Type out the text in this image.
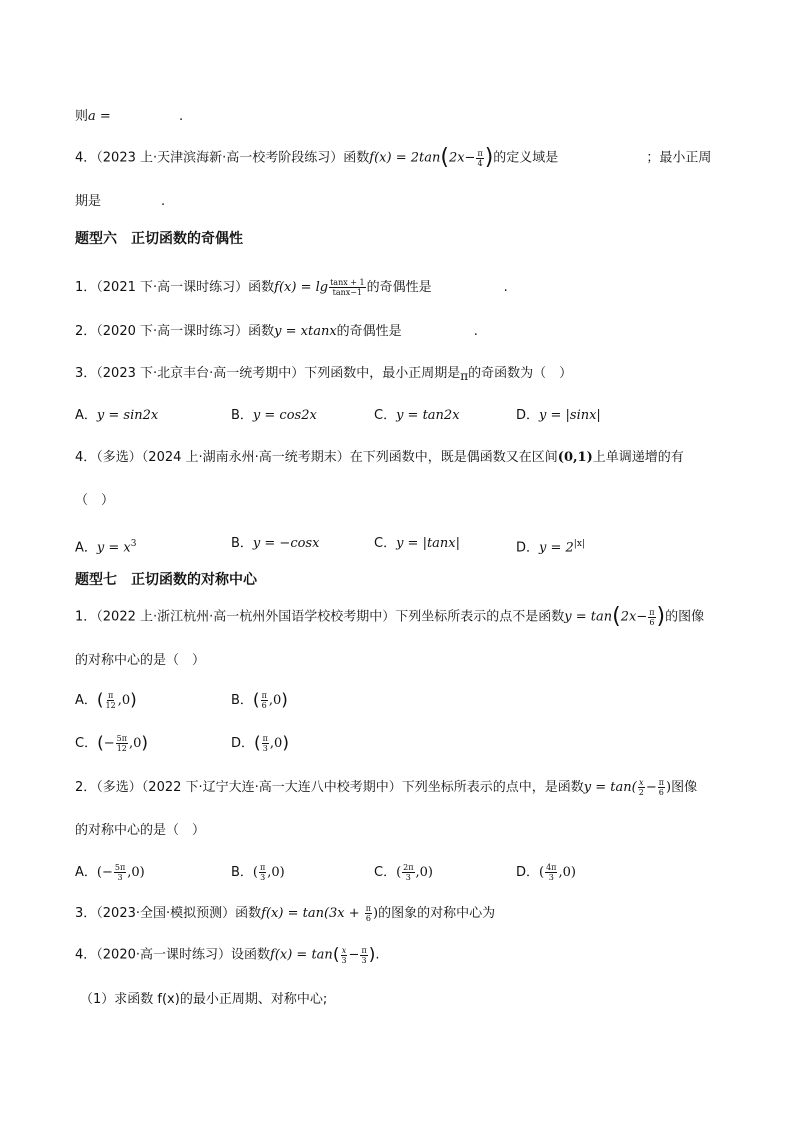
则a =	.
4．（2023 上·天津滨海新·高一校考阶段练习）函数$f(x) = 2\tan(2x- \frac{\pi}{4}$ )的定义域是	；最小正周
期是	.
题型六　正切函数的奇偶性
1．（2021 下·高一课时练习）函数$f(x) = \lg \frac{\tan x + 1}{\tan x-1}$ 的奇偶性是	.
2．（2020 下·高一课时练习）函数y = xtanx的奇偶性是	.
3．（2023 下·北京丰台·高一统考期中）下列函数中，最小正周期是π的奇函数为（　）
A．y = sin2x	B．y = cos2x	C．y = tan2x	D．y = |sinx|
4．（多选）（2024 上·湖南永州·高一统考期末）在下列函数中，既是偶函数又在区间(0,1)上单调递增的有
（　）
A．$y = x^3$	B．y = −cosx	C．y = |tanx|	D．$y = 2^{|x|}$
题型七　正切函数的对称中心
1．（2022 上·浙江杭州·高一杭州外国语学校校考期中）下列坐标所表示的点不是函数$y = \tan(2x- \frac{\pi}{6}$ )的图像
的对称中心的是（　）
A．( $\frac{\pi}{12} ,0$)	B．( $\frac{\pi}{6} ,0$)
C．(− $\frac{5\pi}{12} ,0$)	D．( $\frac{\pi}{3} ,0$)
2．（多选）（2022 下·辽宁大连·高一大连八中校考期中）下列坐标所表示的点中，是函数$y = \tan( \frac{x}{2} - \frac{\pi}{6}$ )图像
的对称中心的是（　）
A．(− $\frac{5\pi}{3} ,0$)	B．( $\frac{\pi}{3} ,0$)	C．( $\frac{2\pi}{3} ,0$)	D．( $\frac{4\pi}{3} ,0$)
3．（2023·全国·模拟预测）函数$f(x) = \tan(3x + \frac{\pi}{6}$ )的图象的对称中心为
4．（2020·高一课时练习）设函数$f(x) = \tan( \frac{x}{3} - \frac{\pi}{3}$ ).
（1）求函数 f(x)的最小正周期、对称中心;
